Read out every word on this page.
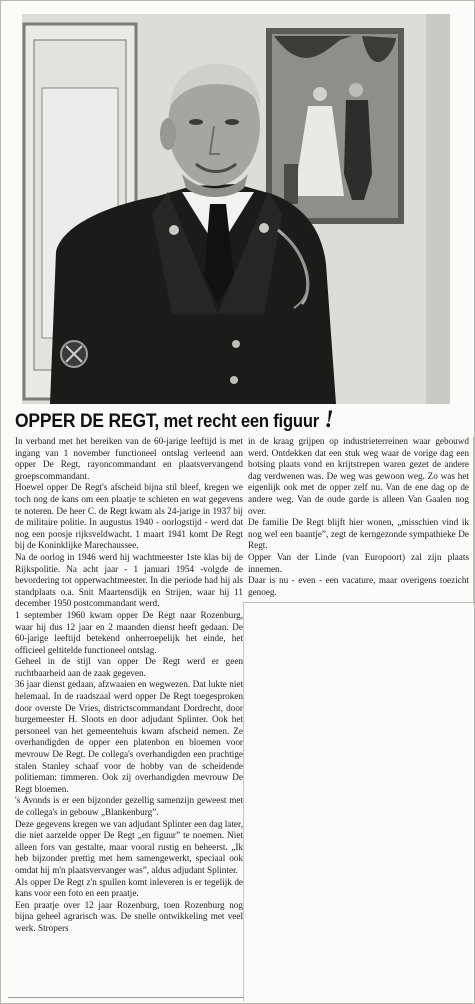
OPPER DE REGT, met recht een figuur !

In verband met het bereiken van de 60-jarige leeftijd is met ingang van 1 november functioneel ontslag verleend aan opper De Regt, rayoncommandant en plaatsvervangend groepscommandant.

Hoewel opper De Regt's afscheid bijna stil bleef, kregen we toch nog de kans om een plaatje te schieten en wat gegevens te noteren. De heer C. de Regt kwam als 24-jarige in 1937 bij de militaire politie. In augustus 1940 - oorlogstijd - werd dat nog een poosje rijksveldwacht. 1 maart 1941 komt De Regt bij de Koninklijke Marechaussee.

Na de oorlog in 1946 werd hij wachtmeester 1ste klas bij de Rijkspolitie. Na acht jaar - 1 januari 1954 -volgde de bevordering tot opperwachtmeester. In die periode had hij als standplaats o.a. Snit Maartensdijk en Strijen, waar hij 11 december 1950 postcommandant werd.

1 september 1960 kwam opper De Regt naar Rozenburg, waar hij dus 12 jaar en 2 maanden dienst heeft gedaan. De 60-jarige leeftijd betekend onherroepelijk het einde, het officieel geltitelde functioneel ontslag.

Geheel in de stijl van opper De Regt werd er geen ruchtbaarheid aan de zaak gegeven.

36 jaar dienst gedaan, afzwaaien en wegwezen. Dat lukte niet helemaal. In de raadszaal werd opper De Regt toegesproken door overste De Vries, districtscommandant Dordrecht, door burgemeester H. Sloots en door adjudant Splinter. Ook het personeel van het gemeentehuis kwam afscheid nemen. Ze overhandigden de opper een platenbon en bloemen voor mevrouw De Regt. De collega's overhandigden een prachtige stalen Stanley schaaf voor de hobby van de scheidende politieman: timmeren. Ook zij overhandigden mevrouw De Regt bloemen.

's Avonds is er een bijzonder gezellig samenzijn geweest met de collega's in gebouw „Blankenburg”.

Deze gegevens kregen we van adjudant Splinter een dag later, die niet aarzelde opper De Regt „en figuur” te noemen. Niet alleen fors van gestalte, maar vooral rustig en beheerst. „Ik heb bijzonder prettig met hem samengewerkt, speciaal ook omdat hij m'n plaatsvervanger was”, aldus adjudant Splinter.

Als opper De Regt z'n spullen komt inleveren is er tegelijk de kans voor een foto en een praatje.

Een praatje over 12 jaar Rozenburg, toen Rozenburg nog bijna geheel agrarisch was. De snelle ontwikkeling met veel werk. Stropers

in de kraag grijpen op industrieterreinen waar gebouwd werd. Ontdekken dat een stuk weg waar de vorige dag een botsing plaats vond en krijtstrepen waren gezet de andere dag verdwenen was. De weg was gewoon weg. Zo was het eigenlijk ook met de opper zelf nu. Van de ene dag op de andere weg. Van de oude garde is alleen Van Gaalen nog over.

De familie De Regt blijft hier wonen, „misschien vind ik nog wel een baantje”, zegt de kerngezonde sympathieke De Regt.

Opper Van der Linde (van Europoort) zal zijn plaats innemen.

Daar is nu - even - een vacature, maar overigens toezicht genoeg.
